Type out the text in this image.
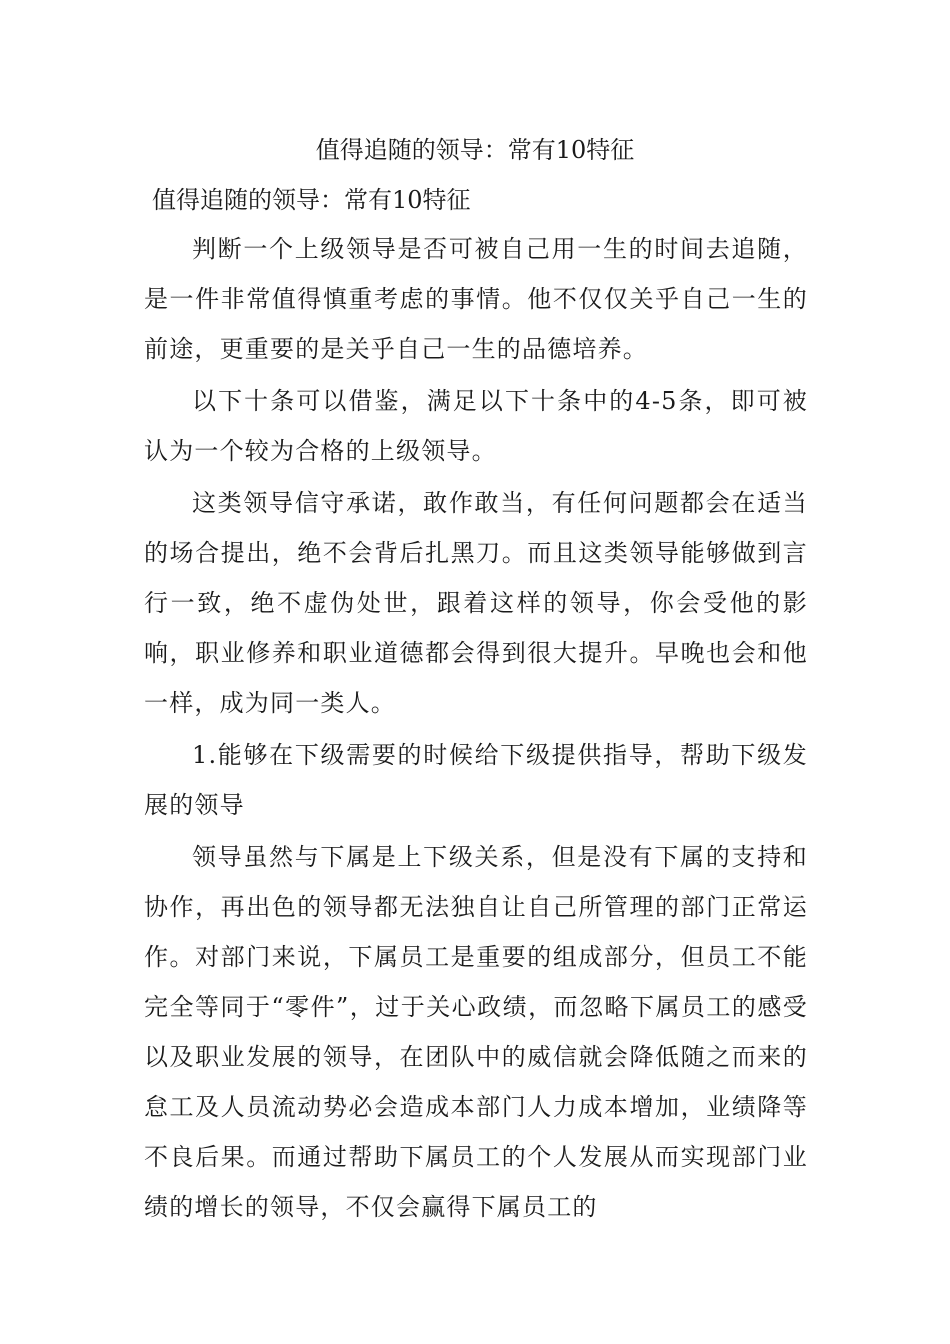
值得追随的领导：常有10特征
值得追随的领导：常有10特征

判断一个上级领导是否可被自己用一生的时间去追随，是一件非常值得慎重考虑的事情。他不仅仅关乎自己一生的前途，更重要的是关乎自己一生的品德培养。

以下十条可以借鉴，满足以下十条中的4-5条，即可被认为一个较为合格的上级领导。

这类领导信守承诺，敢作敢当，有任何问题都会在适当的场合提出，绝不会背后扎黑刀。而且这类领导能够做到言行一致，绝不虚伪处世，跟着这样的领导，你会受他的影响，职业修养和职业道德都会得到很大提升。早晚也会和他一样，成为同一类人。

1.能够在下级需要的时候给下级提供指导，帮助下级发展的领导

领导虽然与下属是上下级关系，但是没有下属的支持和协作，再出色的领导都无法独自让自己所管理的部门正常运作。对部门来说，下属员工是重要的组成部分，但员工不能完全等同于“零件”，过于关心政绩，而忽略下属员工的感受以及职业发展的领导，在团队中的威信就会降低随之而来的怠工及人员流动势必会造成本部门人力成本增加，业绩降等不良后果。而通过帮助下属员工的个人发展从而实现部门业绩的增长的领导，不仅会赢得下属员工的
